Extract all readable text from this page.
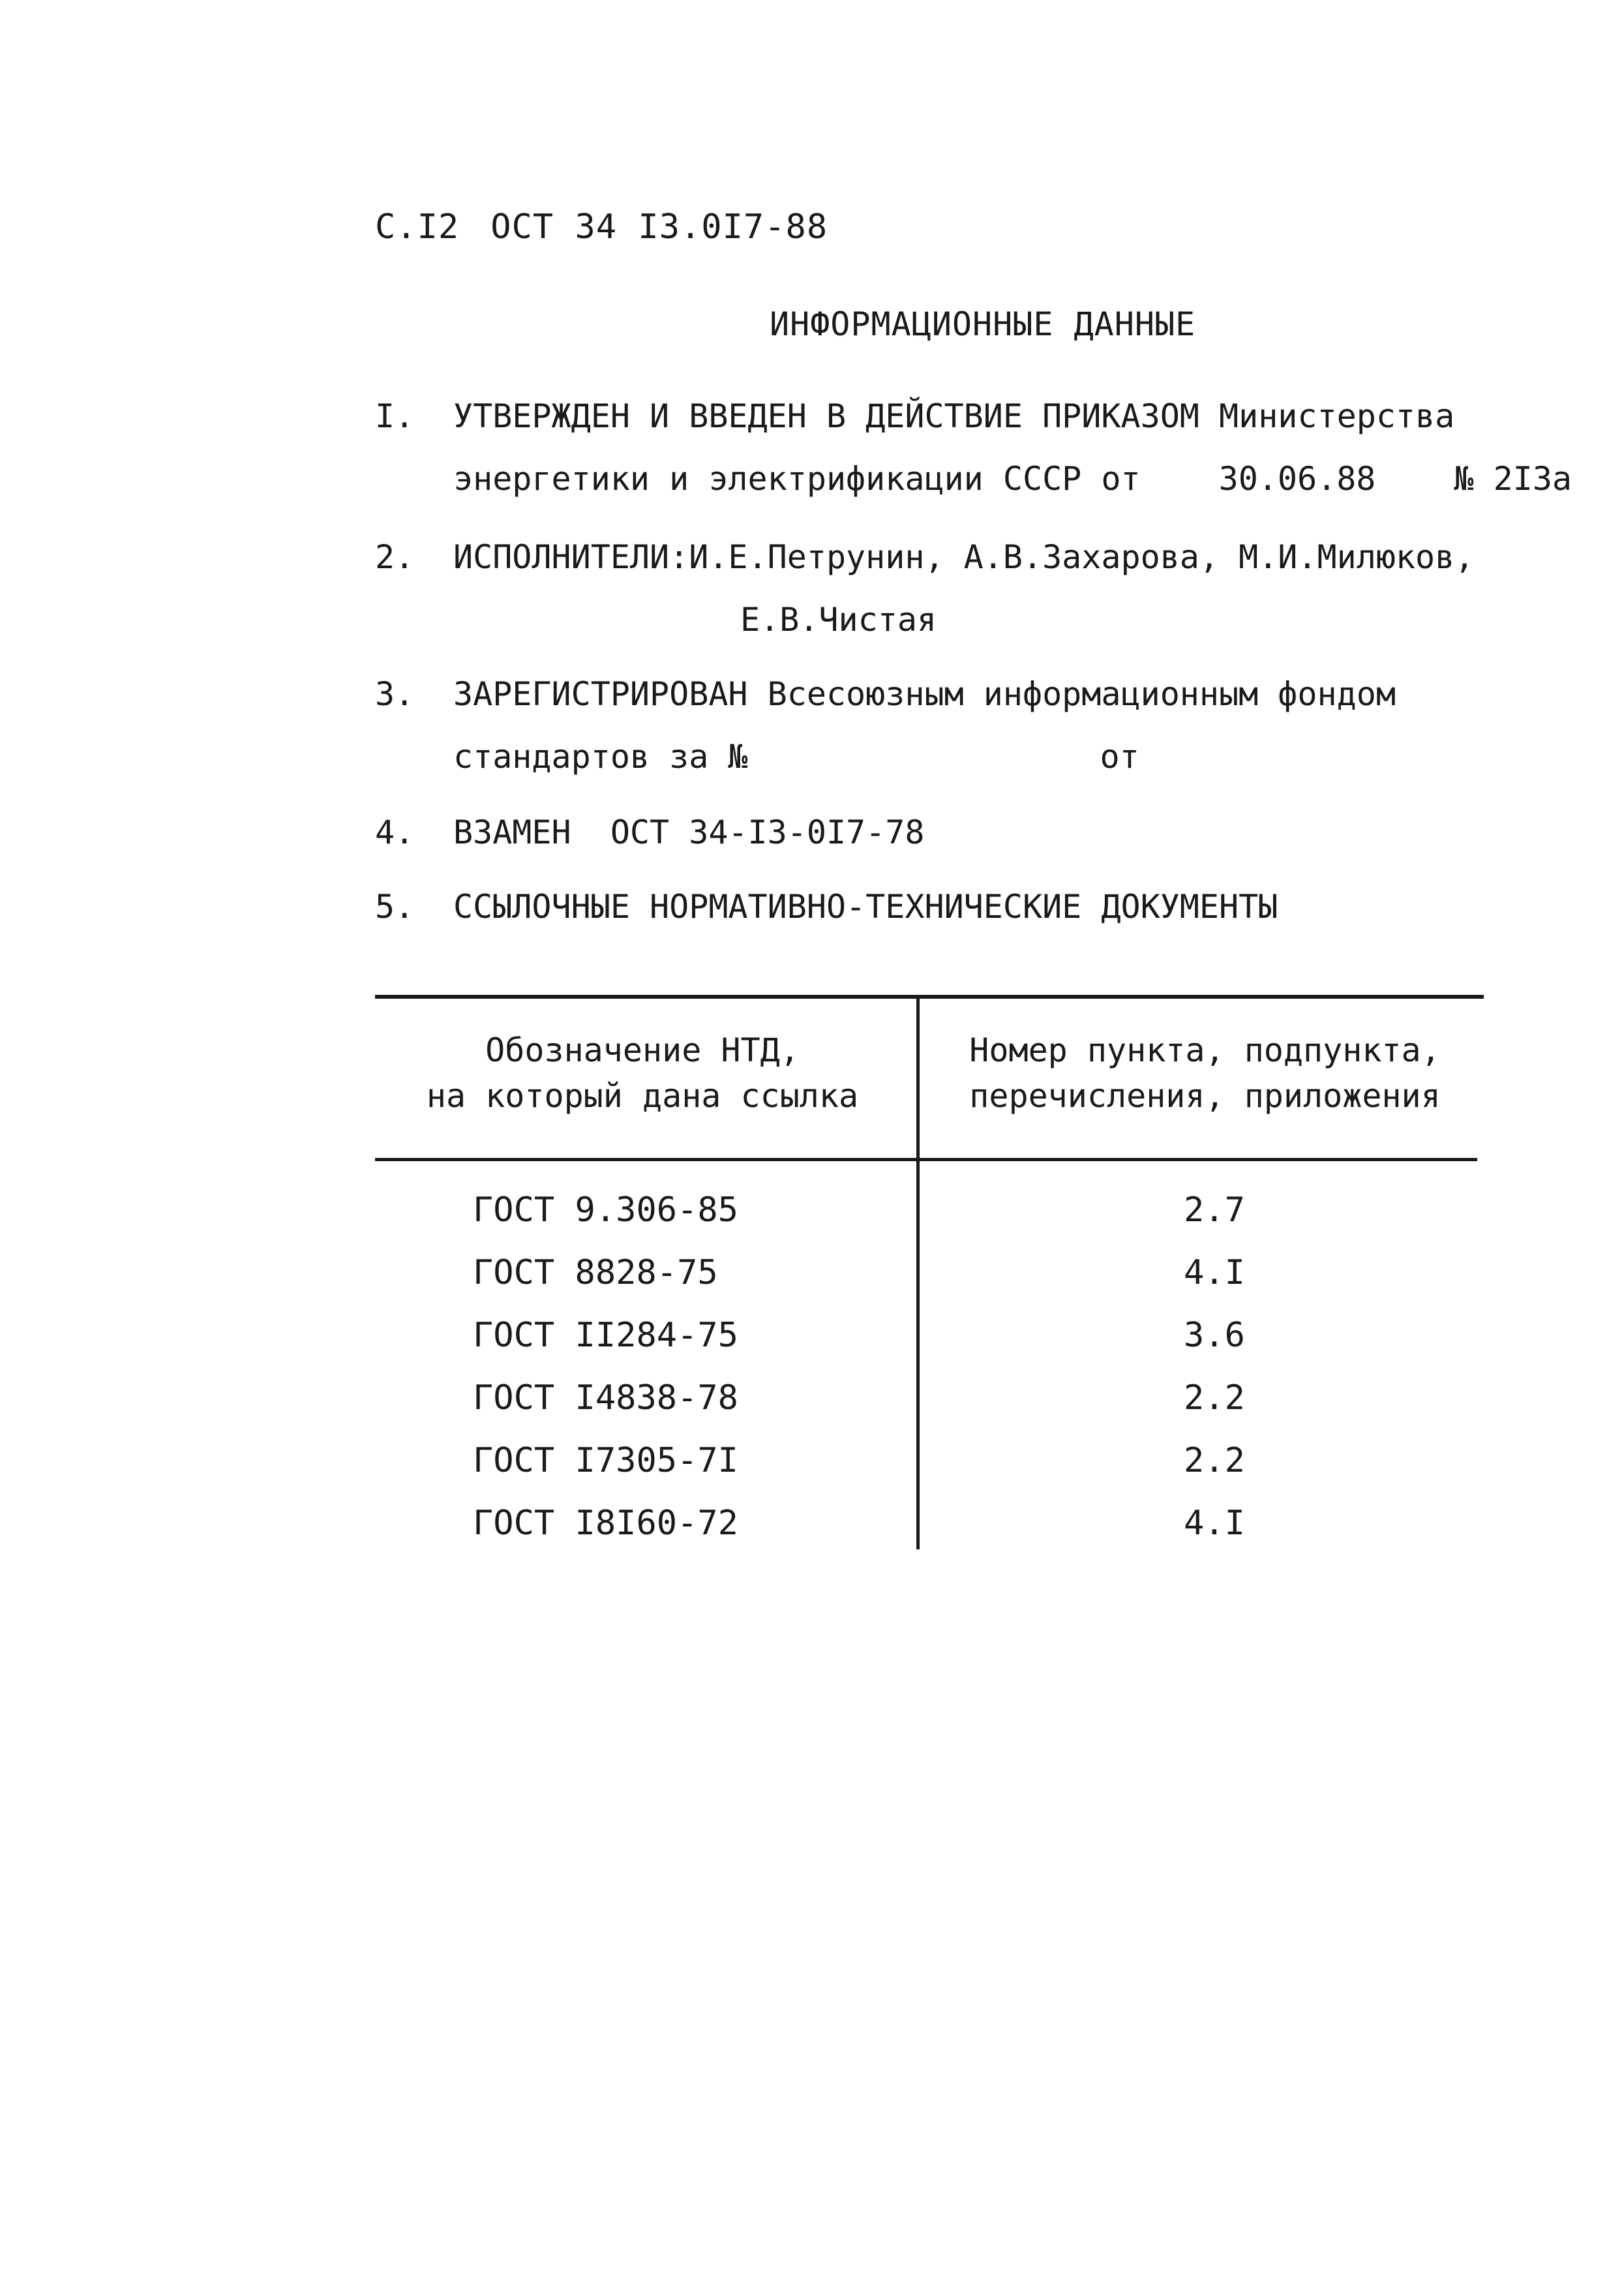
С.I2 ОСТ 34 I3.0I7-88
ИНФОРМАЦИОННЫЕ ДАННЫЕ
I.	УТВЕРЖДЕН И ВВЕДЕН В ДЕЙСТВИЕ ПРИКАЗОМ Министерства
энергетики и электрификации СССР от 30.06.88 № 2I3а
2.	ИСПОЛНИТЕЛИ:И.Е.Петрунин, А.В.Захарова, М.И.Милюков,
Е.В.Чистая
3.	ЗАРЕГИСТРИРОВАН Всесоюзным информационным фондом
стандартов за №	от
4.	ВЗАМЕН  ОСТ 34-I3-0I7-78
5.	ССЫЛОЧНЫЕ НОРМАТИВНО-ТЕХНИЧЕСКИЕ ДОКУМЕНТЫ
Обозначение НТД,
на который дана ссылка
Номер пункта, подпункта,
перечисления, приложения
ГОСТ 9.306-85	2.7
ГОСТ 8828-75	4.I
ГОСТ II284-75	3.6
ГОСТ I4838-78	2.2
ГОСТ I7305-7I	2.2
ГОСТ I8I60-72	4.I
